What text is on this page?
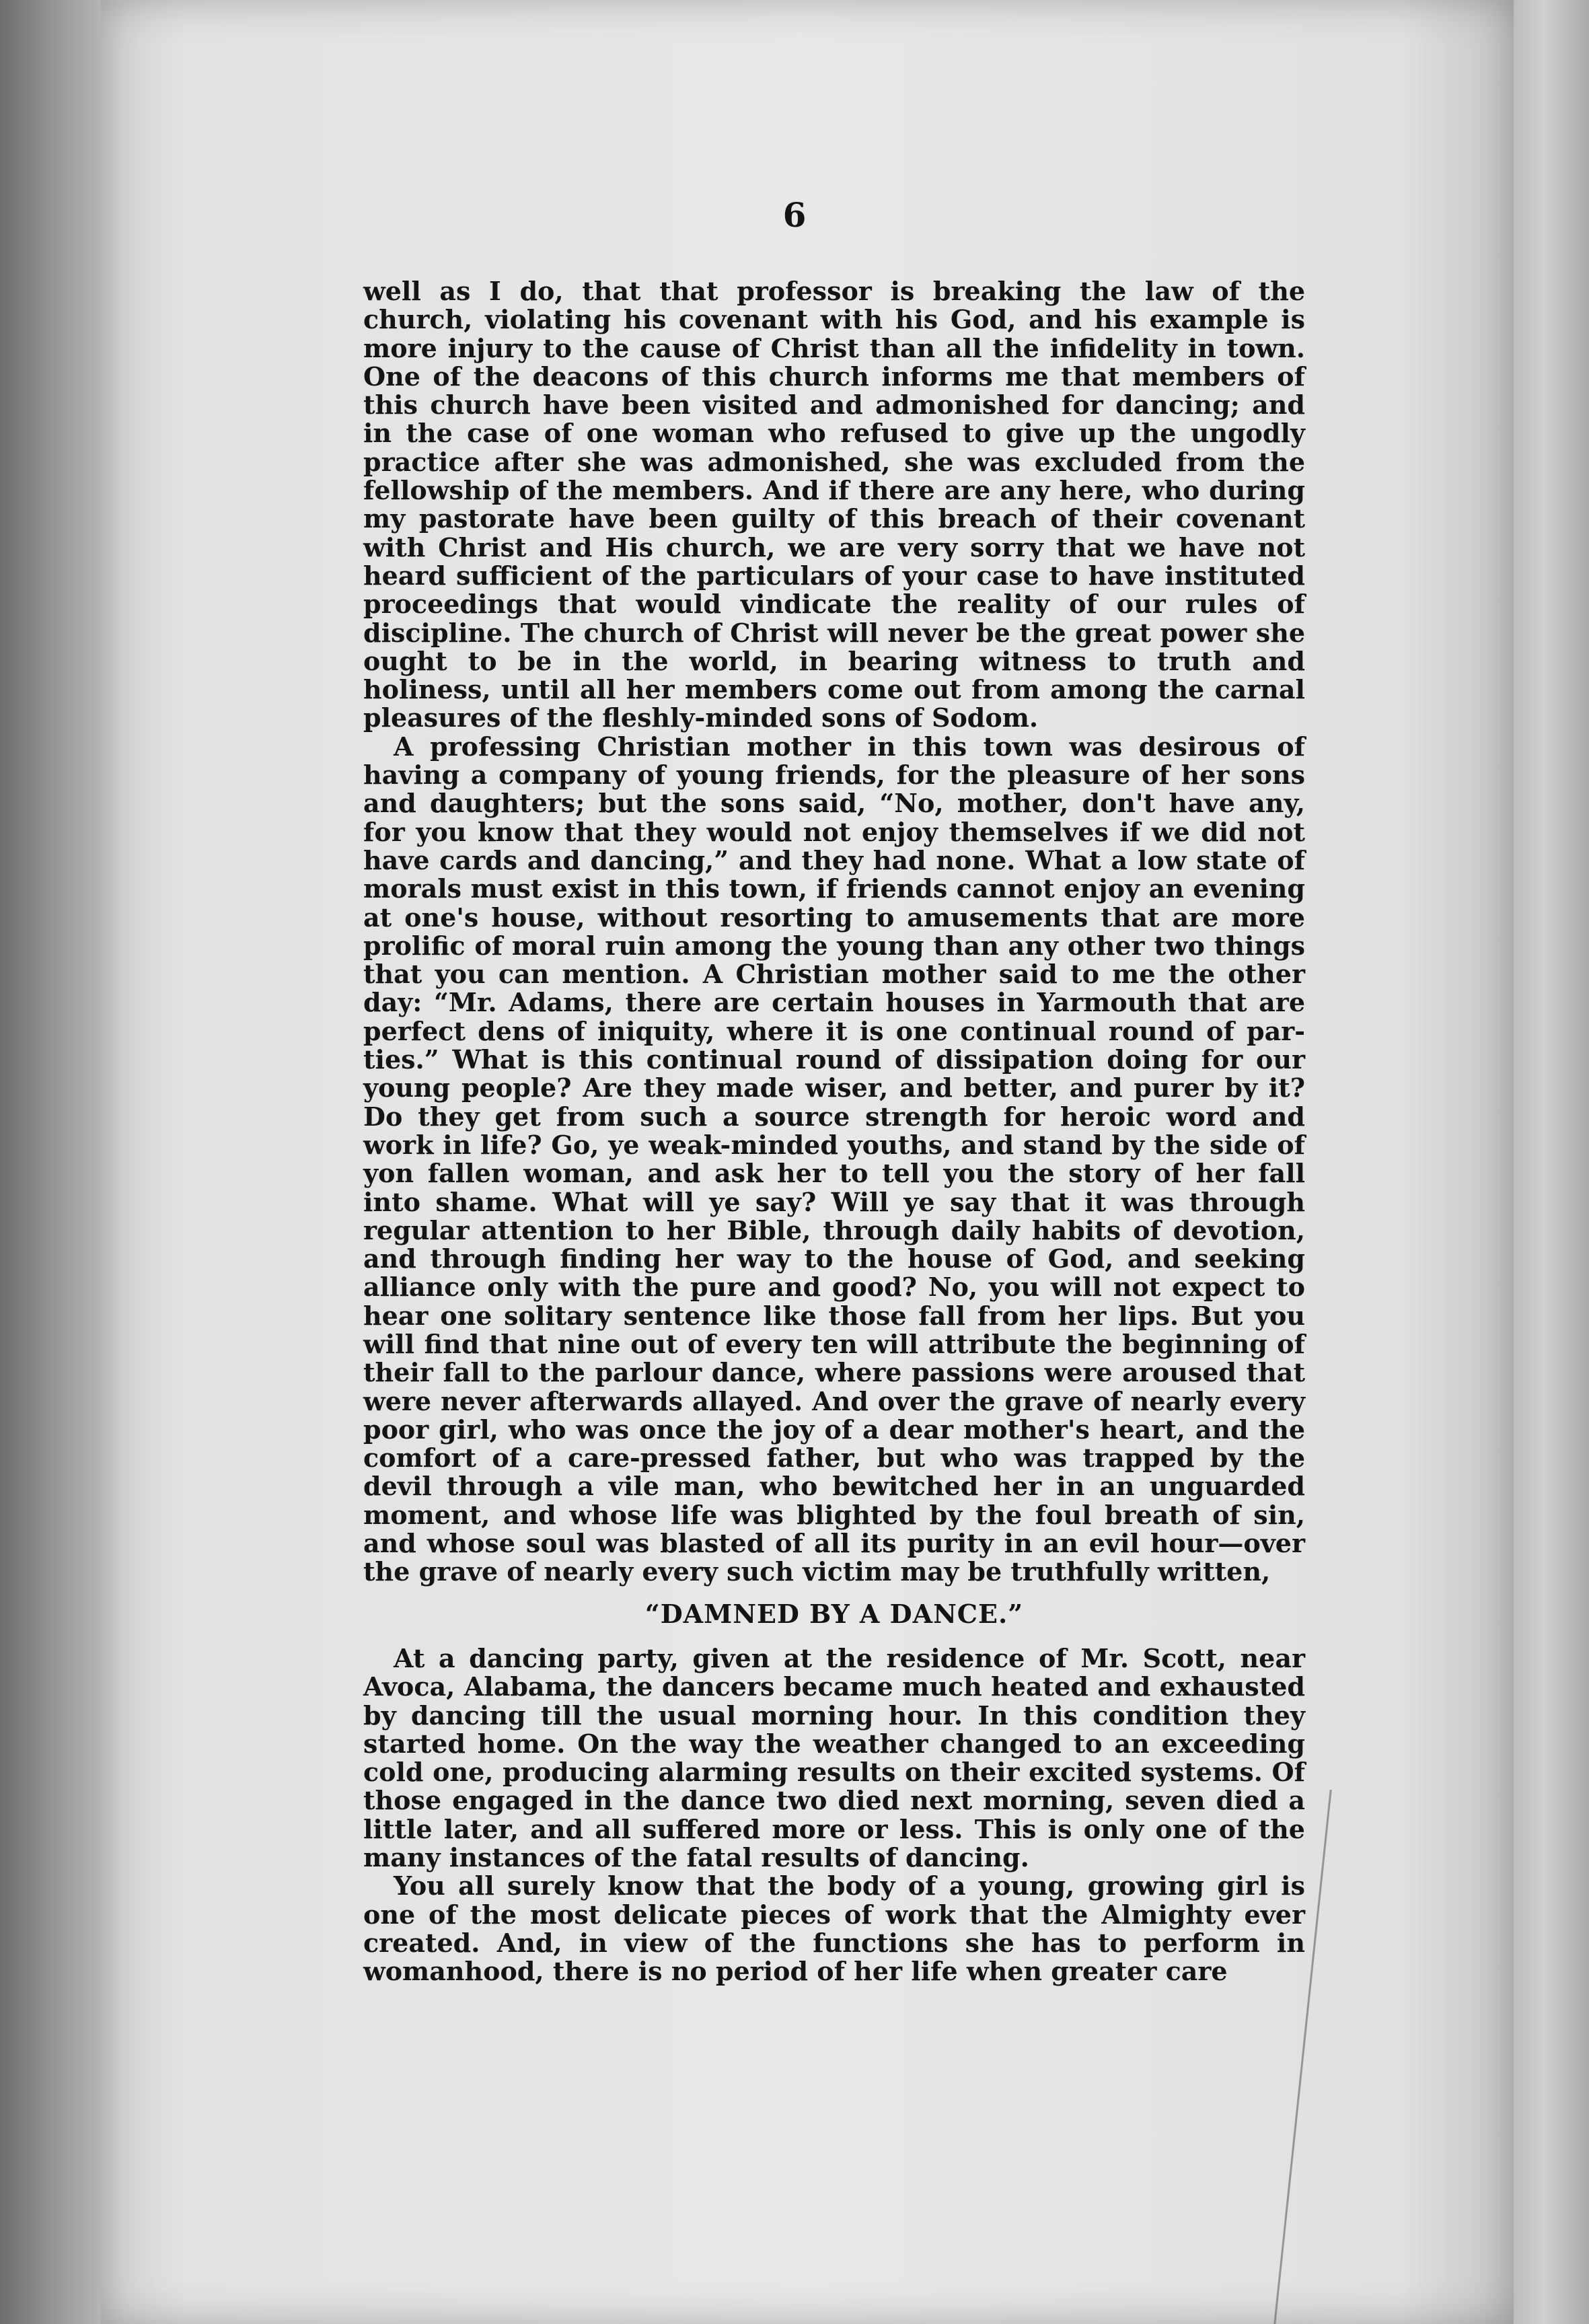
6

well as I do, that that professor is breaking the law of the church, violating his covenant with his God, and his example is more injury to the cause of Christ than all the infidelity in town. One of the deacons of this church informs me that members of this church have been visited and admonished for dancing; and in the case of one woman who refused to give up the ungodly practice after she was admonished, she was excluded from the fellowship of the members. And if there are any here, who during my pastorate have been guilty of this breach of their covenant with Christ and His church, we are very sorry that we have not heard sufficient of the particulars of your case to have instituted proceedings that would vindicate the reality of our rules of discipline. The church of Christ will never be the great power she ought to be in the world, in bearing witness to truth and holiness, until all her members come out from among the carnal pleasures of the fleshly-minded sons of Sodom.

A professing Christian mother in this town was desirous of having a company of young friends, for the pleasure of her sons and daughters; but the sons said, “No, mother, don't have any, for you know that they would not enjoy themselves if we did not have cards and dancing,” and they had none. What a low state of morals must exist in this town, if friends cannot enjoy an evening at one's house, without resorting to amusements that are more prolific of moral ruin among the young than any other two things that you can mention. A Christian mother said to me the other day: “Mr. Adams, there are certain houses in Yarmouth that are perfect dens of iniquity, where it is one continual round of parties.” What is this continual round of dissipation doing for our young people? Are they made wiser, and better, and purer by it? Do they get from such a source strength for heroic word and work in life? Go, ye weak-minded youths, and stand by the side of yon fallen woman, and ask her to tell you the story of her fall into shame. What will ye say? Will ye say that it was through regular attention to her Bible, through daily habits of devotion, and through finding her way to the house of God, and seeking alliance only with the pure and good? No, you will not expect to hear one solitary sentence like those fall from her lips. But you will find that nine out of every ten will attribute the beginning of their fall to the parlour dance, where passions were aroused that were never afterwards allayed. And over the grave of nearly every poor girl, who was once the joy of a dear mother's heart, and the comfort of a care-pressed father, but who was trapped by the devil through a vile man, who bewitched her in an unguarded moment, and whose life was blighted by the foul breath of sin, and whose soul was blasted of all its purity in an evil hour—over the grave of nearly every such victim may be truthfully written,

“DAMNED BY A DANCE.”

At a dancing party, given at the residence of Mr. Scott, near Avoca, Alabama, the dancers became much heated and exhausted by dancing till the usual morning hour. In this condition they started home. On the way the weather changed to an exceeding cold one, producing alarming results on their excited systems. Of those engaged in the dance two died next morning, seven died a little later, and all suffered more or less. This is only one of the many instances of the fatal results of dancing.

You all surely know that the body of a young, growing girl is one of the most delicate pieces of work that the Almighty ever created. And, in view of the functions she has to perform in womanhood, there is no period of her life when greater care
